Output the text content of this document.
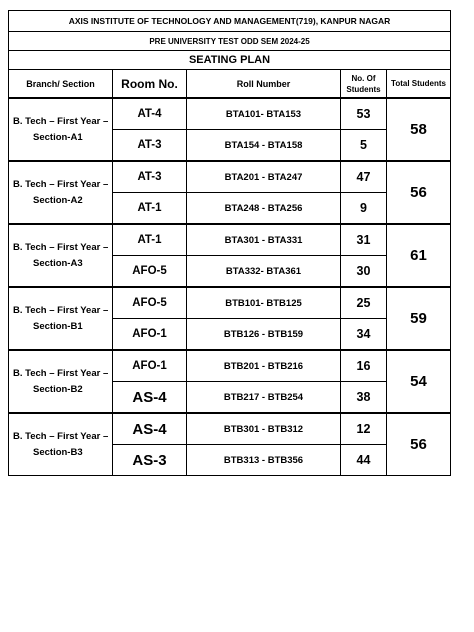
AXIS INSTITUTE OF TECHNOLOGY AND MANAGEMENT(719), KANPUR NAGAR				
PRE UNIVERSITY TEST ODD SEM 2024-25				
SEATING PLAN				
Branch/ Section	Room No.	Roll Number	No. Of
Students	Total Students
B. Tech – First Year –
Section-A1	AT-4	BTA101- BTA153	53	58
	AT-3	BTA154 - BTA158	5	
B. Tech – First Year –
Section-A2	AT-3	BTA201 - BTA247	47	56
	AT-1	BTA248 - BTA256	9	
B. Tech – First Year –
Section-A3	AT-1	BTA301 - BTA331	31	61
	AFO-5	BTA332- BTA361	30	
B. Tech – First Year –
Section-B1	AFO-5	BTB101- BTB125	25	59
	AFO-1	BTB126 - BTB159	34	
B. Tech – First Year –
Section-B2	AFO-1	BTB201 - BTB216	16	54
	AS-4	BTB217 - BTB254	38	
B. Tech – First Year –
Section-B3	AS-4	BTB301 - BTB312	12	56
	AS-3	BTB313 - BTB356	44	
